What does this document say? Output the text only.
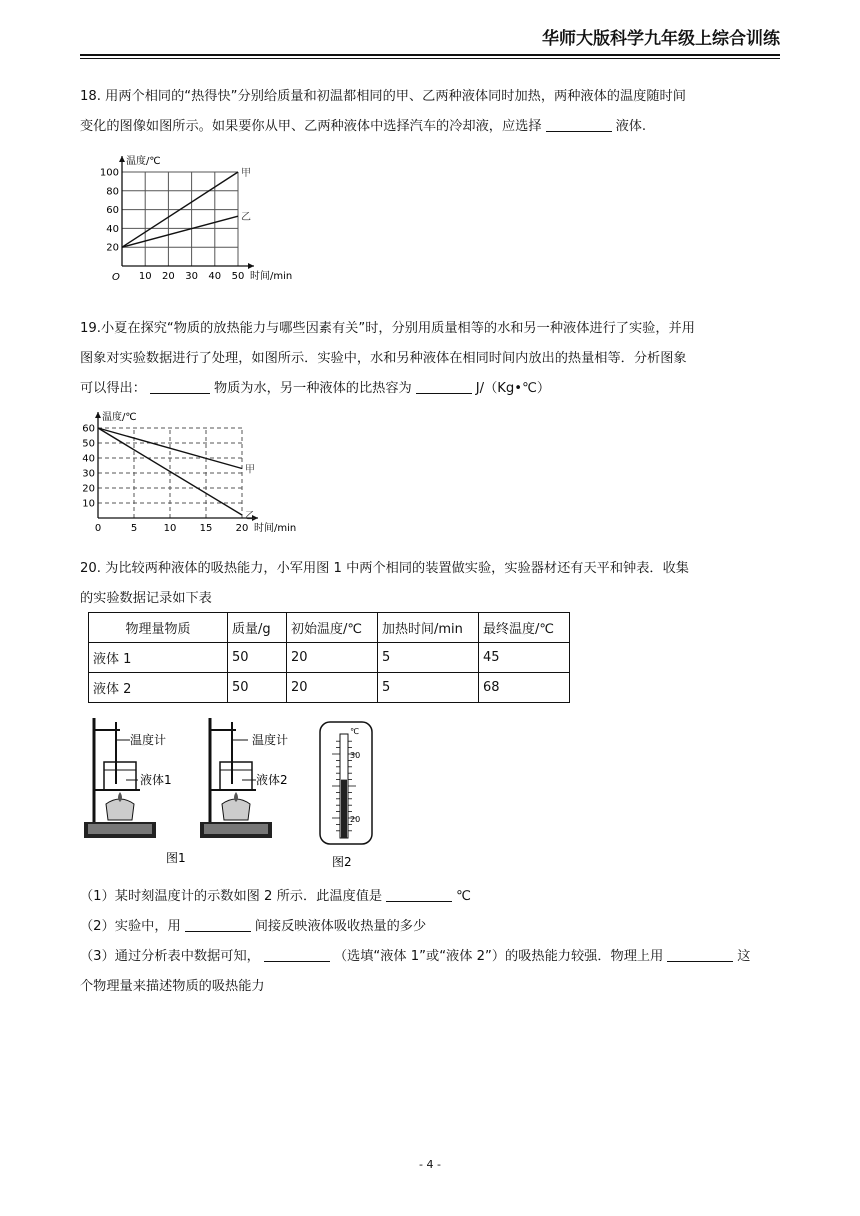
华师大版科学九年级上综合训练
18. 用两个相同的“热得快”分别给质量和初温都相同的甲、乙两种液体同时加热，两种液体的温度随时间
变化的图像如图所示。如果要你从甲、乙两种液体中选择汽车的冷却液，应选择	液体.
10 20 30 40 50
20
40
60
80
100
O	时间/min
温度/℃
甲
乙
19.小夏在探究“物质的放热能力与哪些因素有关”时，分别用质量相等的水和另一种液体进行了实验，并用
图象对实验数据进行了处理，如图所示．实验中，水和另种液体在相同时间内放出的热量相等．分析图象
可以得出：	物质为水，另一种液体的比热容为	J/（Kg•℃）
0	5	10 15 20
10
20
30
40
50
60
时间/min
温度/℃
甲
乙
20. 为比较两种液体的吸热能力，小军用图 1 中两个相同的装置做实验，实验器材还有天平和钟表．收集
的实验数据记录如下表
物理量物质	质量/g	初始温度/℃	加热时间/min	最终温度/℃
液体 1	50	20	5	45
液体 2	50	20	5	68
温度计
液体1
温度计
液体2
图1
℃
30
20
图2
（1）某时刻温度计的示数如图 2 所示．此温度值是	℃
（2）实验中，用	间接反映液体吸收热量的多少
（3）通过分析表中数据可知，	（选填“液体 1”或“液体 2”）的吸热能力较强．物理上用	这
个物理量来描述物质的吸热能力
- 4 -
